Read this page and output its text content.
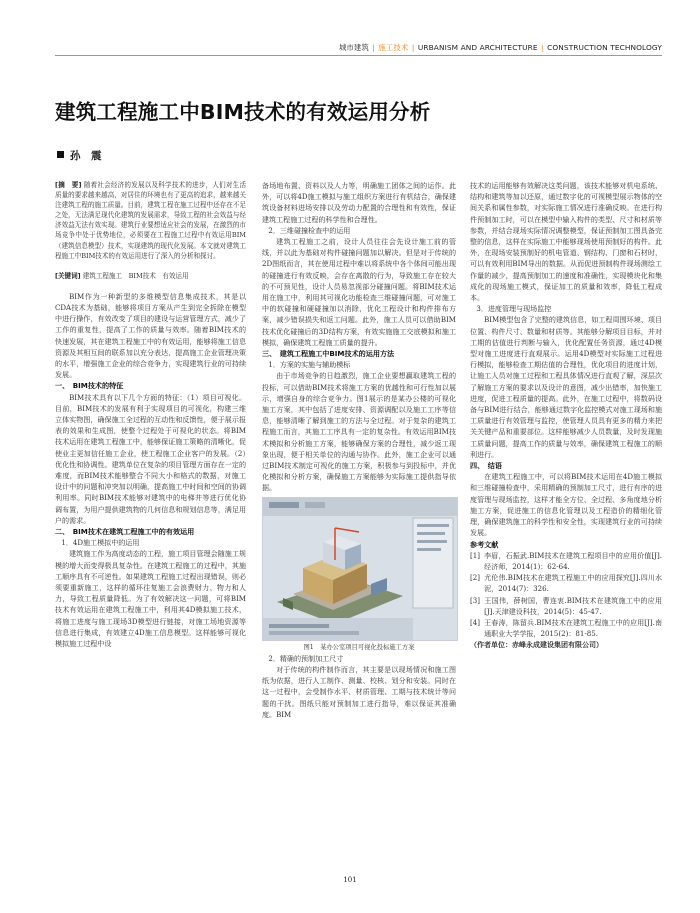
城市建筑 | 施工技术 | URBANISM AND ARCHITECTURE | CONSTRUCTION TECHNOLOGY
建筑工程施工中BIM技术的有效运用分析
孙　震

[摘　要] 随着社会经济的发展以及科学技术的进步，人们对生活质量的要求越来越高，对居住的环境也有了更高的追求，越来越关注建筑工程的施工质量。目前，建筑工程在施工过程中还存在不足之处，无法满足现代化建筑的发展需求，导致工程的社会效益与经济效益无法有效实现。建筑行业要想适应社会的发展，在激烈的市场竞争中处于优势地位，必须要在工程施工过程中有效运用BIM（建筑信息模型）技术，实现建筑的现代化发展。本文就对建筑工程施工中BIM技术的有效运用进行了深入的分析和探讨。

[关键词] 建筑工程施工　BIM技术　有效运用

BIM作为一种新型的多维模型信息集成技术，其是以CDA技术为基础，能够将项目方案从产生到完全拆除在模型中进行操作，有效改变了项目的建设与运营管理方式，减少了工作的重复性，提高了工作的质量与效率。随着BIM技术的快速发展，其在建筑工程施工中的有效运用，能够将施工信息资源及其相互间的联系加以充分表达，提高施工企业管理决策的水平，增强施工企业的综合竞争力，实现建筑行业的可持续发展。

一、　BIM技术的特征

BIM技术具有以下几个方面的特征：（1）项目可视化。目前，BIM技术的发展有利于实现项目的可视化，构建三维立体实物图，确保施工全过程的互动性和反馈性，便于展示报表的效果和生成图，使整个过程处于可视化的状态。将BIM技术运用在建筑工程施工中，能够保证施工策略的清晰化，促使业主更加信任施工企业，使工程施工企业客户的发展。（2）优化性和协调性。建筑单位在复杂的项目管理方面存在一定的难度，而BIM技术能够整合不同大小和格式的数据，对施工设计中的问题和冲突加以明确，提高施工中时间和空间的协调利用率。同时BIM技术能够对建筑中的电梯井等进行优化协调布置，为用户提供建筑物的几何信息和规划信息等，满足用户的需求。

二、　BIM技术在建筑工程施工中的有效运用

1．4D施工模拟中的运用

建筑施工作为高度动态的工程，施工项目管理会随施工规模的增大而变得极具复杂性。在建筑工程施工的过程中，其施工顺序具有不可逆性。如果建筑工程施工过程出现错误，则必须要重新施工，这样的循环往复施工会浪费财力、物力和人力，导致工程质量降低。为了有效解决这一问题，可将BIM技术有效运用在建筑工程施工中，利用其4D模拟施工技术，将施工进度与施工现场3D模型进行链接，对施工场地资源等信息进行集成，有效建立4D施工信息模型。这样能够可视化模拟施工过程中设

备场地布置、资料以及人力等，明确施工团体之间的运作。此外，可以将4D施工模拟与施工组织方案进行有机结合，确保建筑设备材料进场安排以及劳动力配置的合理性和有效性，保证建筑工程施工过程的科学性和合理性。

2．三维碰撞检查中的运用

建筑工程施工之前，设计人员往往会先设计施工前的管线，并以此为基础对构件碰撞问题加以解决。但是对于传统的2D图纸而言，其在使用过程中难以将系统中各个体间可能出现的碰撞进行有效反映，会存在离散的行为，导致施工存在较大的不可预见性，设计人员易忽视部分碰撞问题。将BIM技术运用在施工中，利用其可视化功能检查三维碰撞问题，可对施工中的软碰撞和硬碰撞加以消除，优化工程设计和构件排布方案，减少错误损失和返工问题。此外，施工人员可以借助BIM技术优化碰撞后的3D结构方案，有效实施施工交底模拟和施工模拟，确保建筑工程施工质量的提升。

三、　建筑工程施工中BIM技术的运用方法

1．方案的实施与辅助模标

由于市场竞争的日趋激烈，施工企业要想赢取建筑工程的投标，可以借助BIM技术将施工方案的优越性和可行性加以展示，增强自身的综合竞争力。图1展示的是某办公楼的可视化施工方案，其中包括了进度安排、资源调配以及施工工序等信息，能够清晰了解到施工的方法与全过程。对于复杂的建筑工程施工而言，其施工工序具有一定的复杂性。有效运用BIM技术模拟和分析施工方案，能够确保方案的合理性，减少返工现象出现，便于相关单位的沟通与协作。此外，施工企业可以通过BIM技术制定可视化的施工方案，积极参与到投标中，并优化模拟和分析方案，确保施工方案能够为实际施工提供指导依据。

图1　某办公室项目可视化投标施工方案

2．精确的预制加工尺寸

对于传统的构件制作而言，其主要是以现场情况和施工图纸为依据，进行人工制作、测量、校核、划分和安装。同时在这一过程中，会受制作水平、材质管理、工期与技术统计等问题的干扰。图纸只能对预制加工进行指导，难以保证其准确度。BIM

技术的运用能够有效解决这类问题，该技术能够对机电系统、结构和建筑等加以还原，通过数字化的可视模型展示物体的空间关系和属性参数，对实际施工情况进行准确反映。在进行构件预制加工时，可以在模型中输入构件的类型、尺寸和材质等参数，并结合现场实际情况调整模型，保证预制加工图具备完整的信息，这样在实际施工中能够现场使用预制好的构件。此外，在现场安装预制好的机电管道、钢结构、门窗和石材时，可以有效利用BIM导出的数据。从而促进预制构件现场测绘工作量的减少，提高预制加工的速度和准确性，实现模块化和集成化的现场施工模式，保证加工的质量和效率，降低工程成本。

3．进度管理与现场监控

BIM模型包含了完整的建筑信息，如工程周围环境、项目位置、构件尺寸、数量和材质等。其能够分解项目目标，并对工期的估值进行判断与输入，优化配置任务资源，通过4D模型对施工进度进行直观展示。运用4D模型对实际施工过程进行模拟，能够检查工期估值的合理性，优化项目的进度计划，让施工人员对施工过程和工程具体情况进行直观了解，深层次了解施工方案的要求以及设计的意图，减少出错率，加快施工进度，促进工程质量的提高。此外，在施工过程中，将数码设备与BIM进行结合，能够通过数字化监控模式对施工现场和施工质量进行有效管理与监控，使管理人员具有更多的精力来把关关键产品和重要部位。这样能够减少人员数量，及时发现施工质量问题，提高工作的质量与效率，确保建筑工程施工的顺利进行。

四、　结语

在建筑工程施工中，可以将BIM技术运用在4D施工模拟和三维碰撞检查中，采用精确的预制加工尺寸，进行有序的进度管理与现场监控，这样才能全方位、全过程、多角度地分析施工方案，促进施工的信息化管理以及工程造价的精细化管理，确保建筑施工的科学性和安全性，实现建筑行业的可持续发展。

参考文献

[1] 李眉，石振武.BIM技术在建筑工程项目中的应用价值[J].经济师，2014(1)：62-64.

[2] 尤伦伟.BIM技术在建筑工程施工中的应用探究[J].四川水泥，2014(7)：326.

[3] 王国伟，薛树国，曹连衷.BIM技术在建筑施工中的应用[J].天津建设科技，2014(5)：45-47.

[4] 王春涛，陈留兵.BIM技术在建筑工程施工中的应用[J].南通职业大学学报，2015(2)：81-85.

（作者单位：赤峰永成建设集团有限公司）

101
